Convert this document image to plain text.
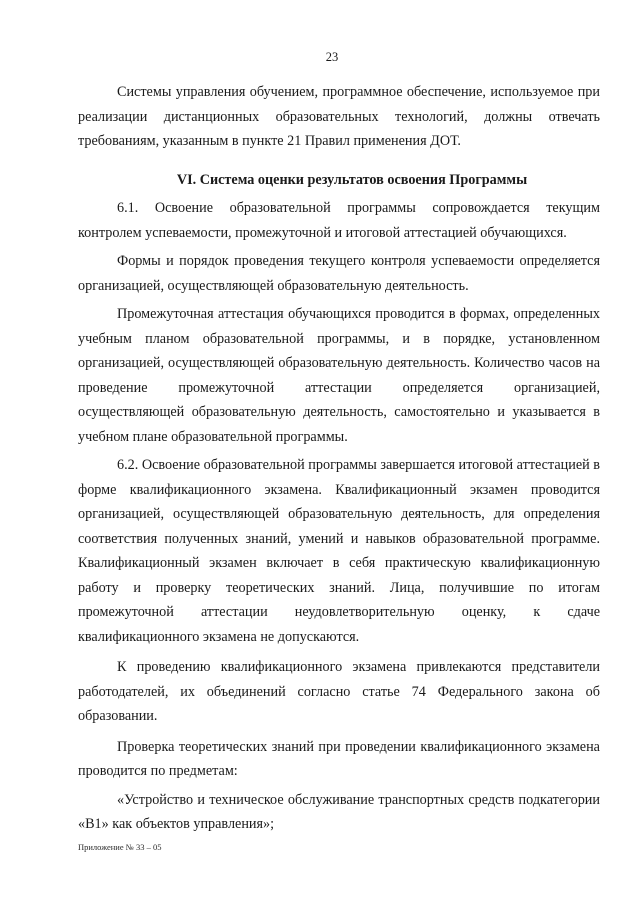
23

Системы управления обучением, программное обеспечение, используемое при реализации дистанционных образовательных технологий, должны отвечать требованиям, указанным в пункте 21 Правил применения ДОТ.

VI. Система оценки результатов освоения Программы

6.1. Освоение образовательной программы сопровождается текущим контролем успеваемости, промежуточной и итоговой аттестацией обучающихся.

Формы и порядок проведения текущего контроля успеваемости определяется организацией, осуществляющей образовательную деятельность.

Промежуточная аттестация обучающихся проводится в формах, определенных учебным планом образовательной программы, и в порядке, установленном организацией, осуществляющей образовательную деятельность. Количество часов на проведение промежуточной аттестации определяется организацией, осуществляющей образовательную деятельность, самостоятельно и указывается в учебном плане образовательной программы.

6.2. Освоение образовательной программы завершается итоговой аттестацией в форме квалификационного экзамена. Квалификационный экзамен проводится организацией, осуществляющей образовательную деятельность, для определения соответствия полученных знаний, умений и навыков образовательной программе. Квалификационный экзамен включает в себя практическую квалификационную работу и проверку теоретических знаний. Лица, получившие по итогам промежуточной аттестации неудовлетворительную оценку, к сдаче квалификационного экзамена не допускаются.

К проведению квалификационного экзамена привлекаются представители работодателей, их объединений согласно статье 74 Федерального закона об образовании.

Проверка теоретических знаний при проведении квалификационного экзамена проводится по предметам:

«Устройство и техническое обслуживание транспортных средств подкатегории «B1» как объектов управления»;

Приложение № 33 – 05
